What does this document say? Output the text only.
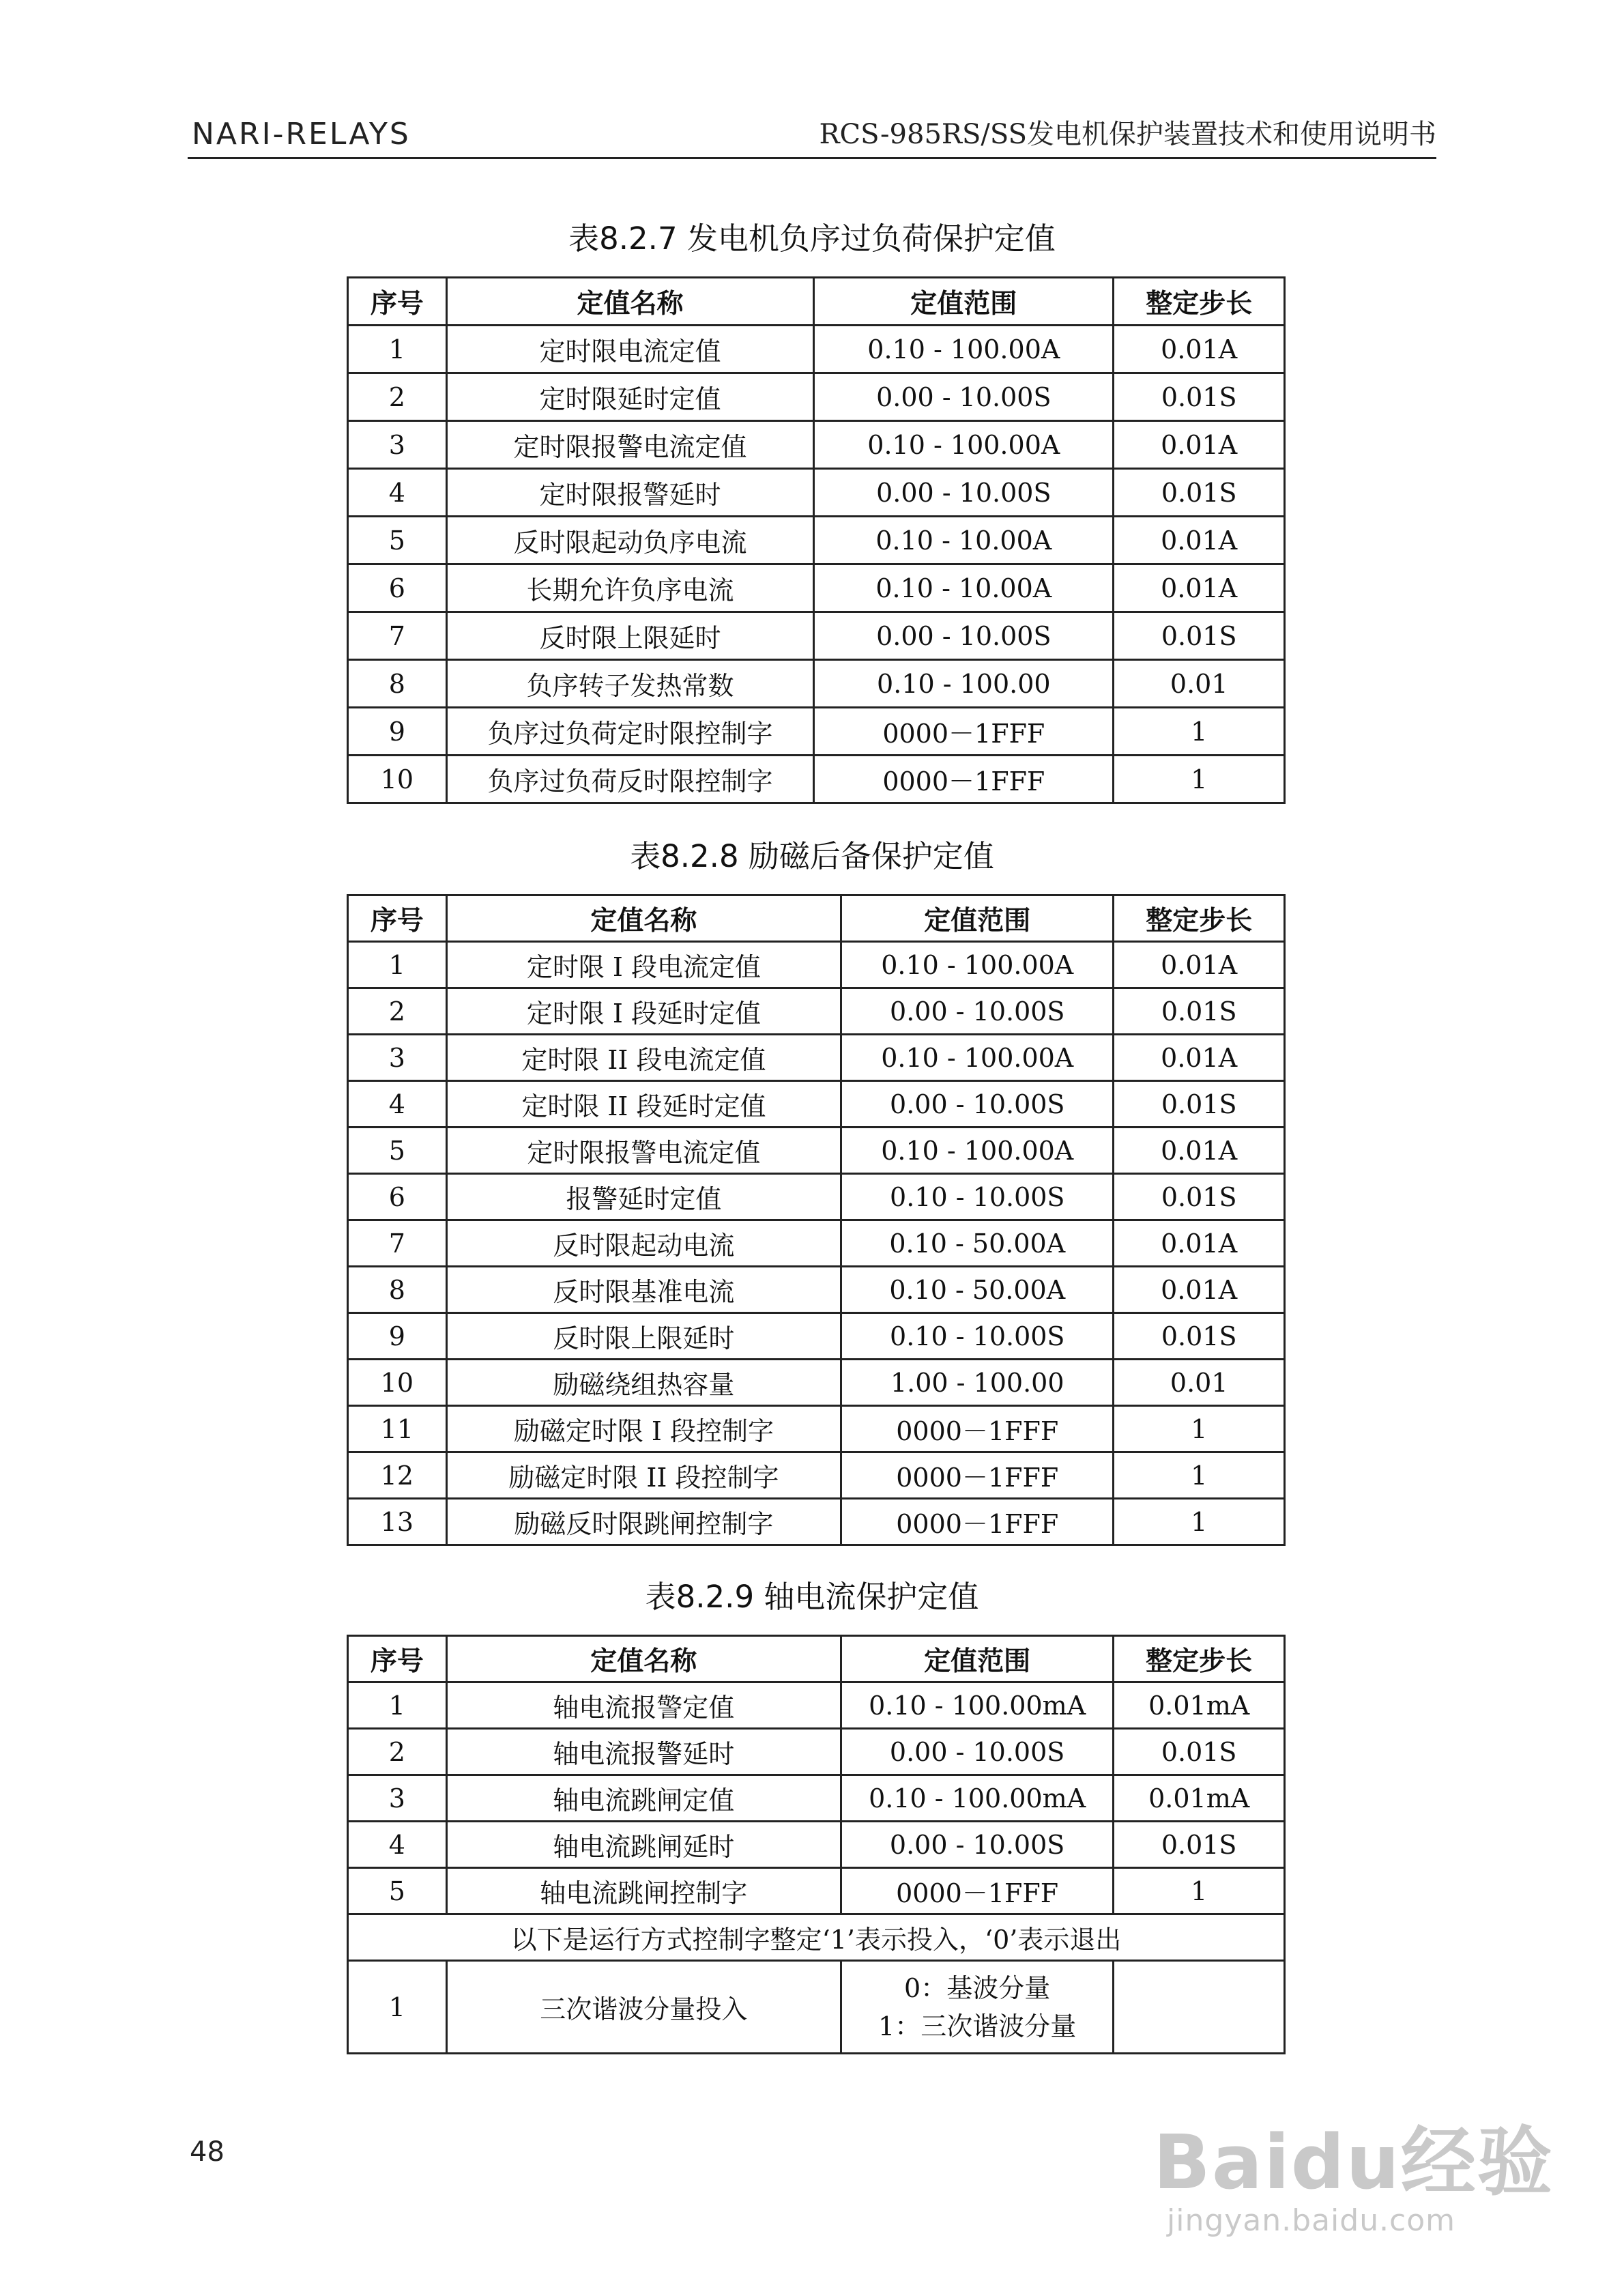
NARI-RELAYS	RCS-985RS/SS发电机保护装置技术和使用说明书
表8.2.7 发电机负序过负荷保护定值
序号	定值名称	定值范围	整定步长
1	定时限电流定值	0.10 - 100.00A	0.01A
2	定时限延时定值	0.00 - 10.00S	0.01S
3	定时限报警电流定值	0.10 - 100.00A	0.01A
4	定时限报警延时	0.00 - 10.00S	0.01S
5	反时限起动负序电流	0.10 - 10.00A	0.01A
6	长期允许负序电流	0.10 - 10.00A	0.01A
7	反时限上限延时	0.00 - 10.00S	0.01S
8	负序转子发热常数	0.10 - 100.00	0.01
9	负序过负荷定时限控制字	0000－1FFF	1
10	负序过负荷反时限控制字	0000－1FFF	1
表8.2.8 励磁后备保护定值
序号	定值名称	定值范围	整定步长
1	定时限 I 段电流定值	0.10 - 100.00A	0.01A
2	定时限 I 段延时定值	0.00 - 10.00S	0.01S
3	定时限 II 段电流定值	0.10 - 100.00A	0.01A
4	定时限 II 段延时定值	0.00 - 10.00S	0.01S
5	定时限报警电流定值	0.10 - 100.00A	0.01A
6	报警延时定值	0.10 - 10.00S	0.01S
7	反时限起动电流	0.10 - 50.00A	0.01A
8	反时限基准电流	0.10 - 50.00A	0.01A
9	反时限上限延时	0.10 - 10.00S	0.01S
10	励磁绕组热容量	1.00 - 100.00	0.01
11	励磁定时限 I 段控制字	0000－1FFF	1
12	励磁定时限 II 段控制字	0000－1FFF	1
13	励磁反时限跳闸控制字	0000－1FFF	1
表8.2.9 轴电流保护定值
序号	定值名称	定值范围	整定步长
1	轴电流报警定值	0.10 - 100.00mA	0.01mA
2	轴电流报警延时	0.00 - 10.00S	0.01S
3	轴电流跳闸定值	0.10 - 100.00mA	0.01mA
4	轴电流跳闸延时	0.00 - 10.00S	0.01S
5	轴电流跳闸控制字	0000－1FFF	1
以下是运行方式控制字整定‘1’表示投入，‘0’表示退出			
1	三次谐波分量投入	0：基波分量
1：三次谐波分量	

48	Baidu经验
jingyan.baidu.com
